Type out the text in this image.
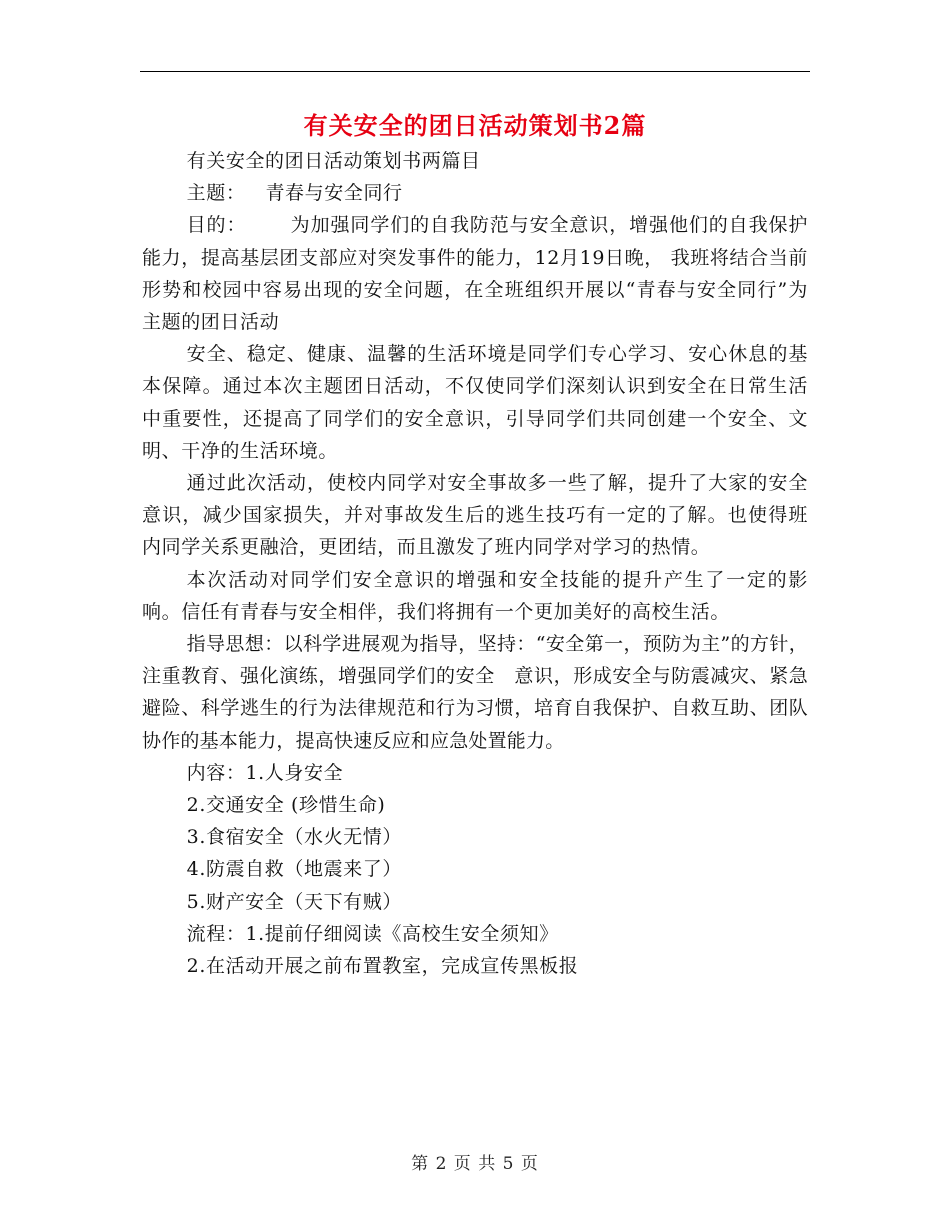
有关安全的团日活动策划书2篇

有关安全的团日活动策划书两篇目

主题： 青春与安全同行

目的： 为加强同学们的自我防范与安全意识，增强他们的自我保护能力，提高基层团支部应对突发事件的能力，12月19日晚， 我班将结合当前形势和校园中容易出现的安全问题，在全班组织开展以“青春与安全同行”为主题的团日活动

安全、稳定、健康、温馨的生活环境是同学们专心学习、安心休息的基本保障。通过本次主题团日活动，不仅使同学们深刻认识到安全在日常生活中重要性，还提高了同学们的安全意识，引导同学们共同创建一个安全、文明、干净的生活环境。

通过此次活动，使校内同学对安全事故多一些了解，提升了大家的安全意识，减少国家损失，并对事故发生后的逃生技巧有一定的了解。也使得班内同学关系更融洽，更团结，而且激发了班内同学对学习的热情。

本次活动对同学们安全意识的增强和安全技能的提升产生了一定的影响。信任有青春与安全相伴，我们将拥有一个更加美好的高校生活。

指导思想：以科学进展观为指导，坚持：“安全第一，预防为主”的方针，注重教育、强化演练，增强同学们的安全　意识，形成安全与防震减灾、紧急避险、科学逃生的行为法律规范和行为习惯，培育自我保护、自救互助、团队协作的基本能力，提高快速反应和应急处置能力。

内容：1.人身安全

2.交通安全 (珍惜生命)

3.食宿安全（水火无情）

4.防震自救（地震来了）

5.财产安全（天下有贼）

流程：1.提前仔细阅读《高校生安全须知》

2.在活动开展之前布置教室，完成宣传黑板报

第 2 页 共 5 页
